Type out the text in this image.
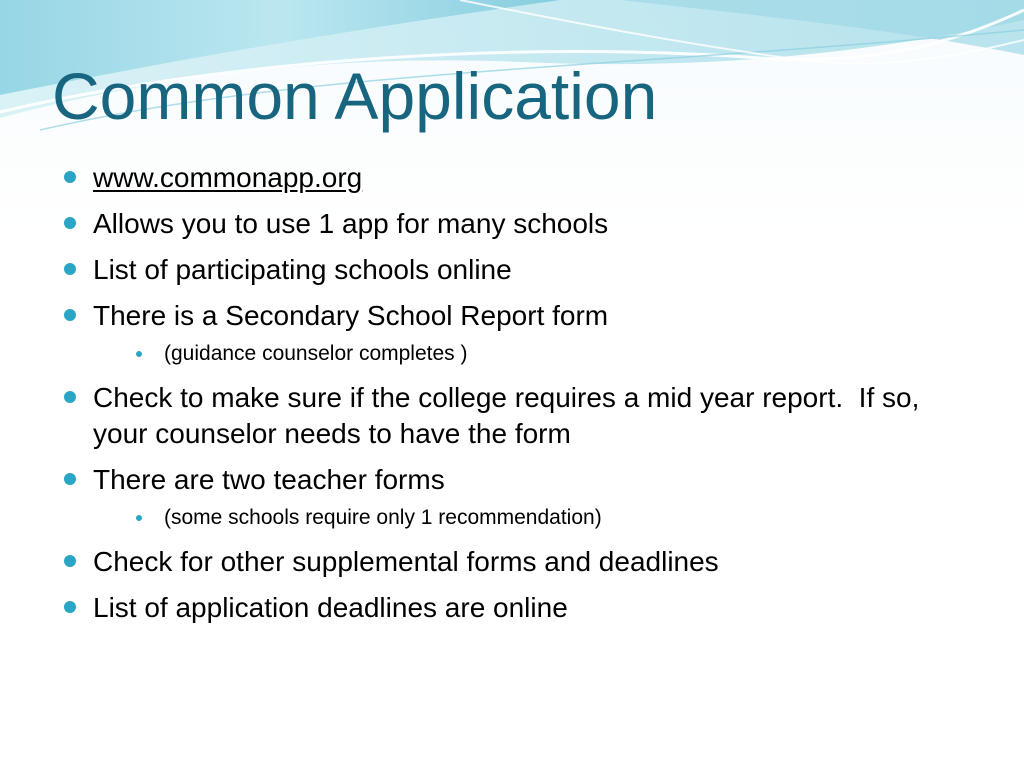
Common Application
www.commonapp.org
Allows you to use 1 app for many schools
List of participating schools online
There is a Secondary School Report form
(guidance counselor completes )
Check to make sure if the college requires a mid year report.  If so, your counselor needs to have the form
There are two teacher forms
(some schools require only 1 recommendation)
Check for other supplemental forms and deadlines
List of application deadlines are online
